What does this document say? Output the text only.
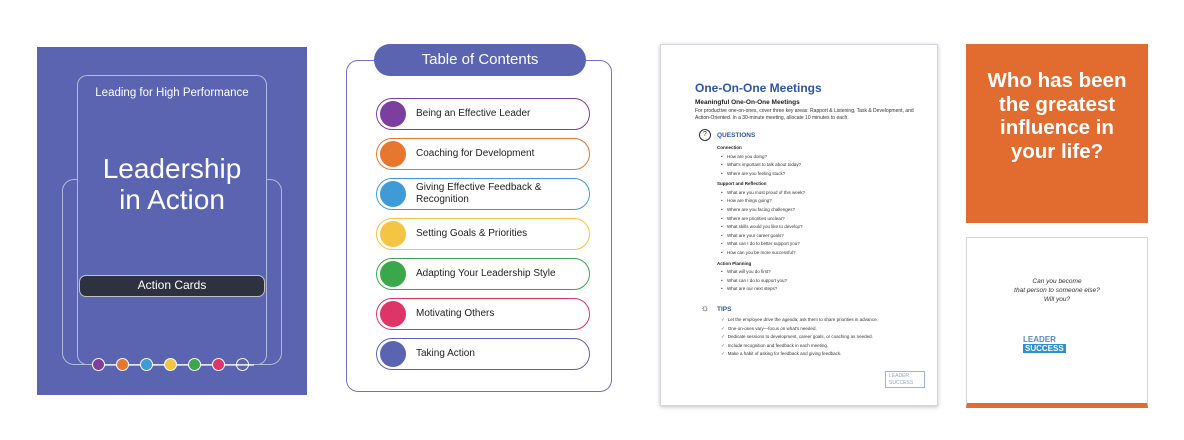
Leading for High Performance
Leadership
in Action
Action Cards
Table of Contents
Being an Effective Leader
Coaching for Development
Giving Effective Feedback & Recognition
Setting Goals & Priorities
Adapting Your Leadership Style
Motivating Others
Taking Action
One-On-One Meetings
Meaningful One-On-One Meetings
For productive one-on-ones, cover three key areas: Rapport & Listening, Task & Development, and Action-Oriented. In a 30-minute meeting, allocate 10 minutes to each.
?	QUESTIONS
Connection
• How are you doing?
• What's important to talk about today?
• Where are you feeling stuck?
Support and Reflection
• What are you most proud of this week?
• How are things going?
• Where are you facing challenges?
• Where are priorities unclear?
• What skills would you like to develop?
• What are your career goals?
• What can I do to better support you?
• How can you be more successful?
Action Planning
• What will you do first?
• What can I do to support you?
• What are our next steps?
☼ TIPS
✓ Let the employee drive the agenda; ask them to share priorities in advance.
✓ One-on-ones vary—focus on what's needed.
✓ Dedicate sessions to development, career goals, or coaching as needed.
✓ Include recognition and feedback in each meeting.
✓ Make a habit of asking for feedback and giving feedback.
LEADER
SUCCESS
Who has been the greatest influence in your life?
Can you become
that person to someone else?
Will you?
LEADER
SUCCESS
